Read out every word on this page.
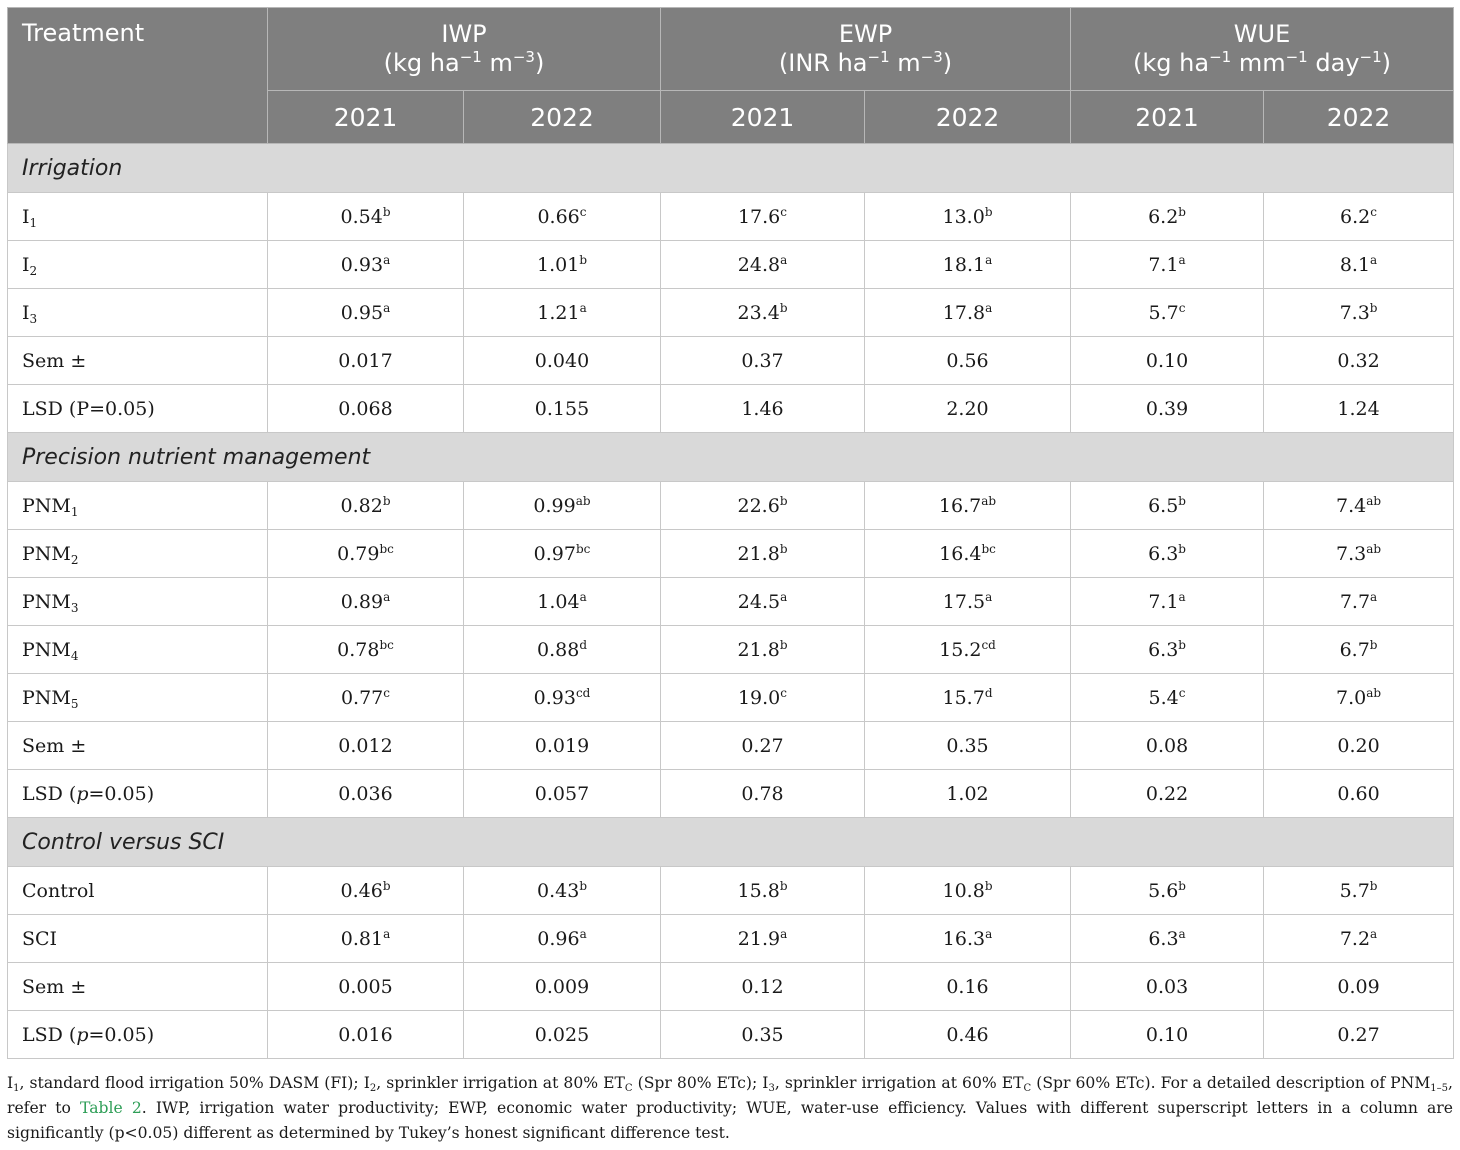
Treatment	IWP
(kg $ha^{-1}$ $m^{-3}$)		EWP
(INR $ha^{-1}$ $m^{-3}$)		WUE
(kg $ha^{-1}$ $mm^{-1}$ day$^{-1}$)	
	2021	2022	2021	2022	2021	2022
Irrigation						
$I_1$	0.54$^b$	0.66$^c$	17.6$^c$	13.0$^b$	6.2$^b$	6.2$^c$
$I_2$	0.93$^a$	1.01$^b$	24.8$^a$	18.1$^a$	7.1$^a$	8.1$^a$
$I_3$	0.95$^a$	1.21$^a$	23.4$^b$	17.8$^a$	5.7$^c$	7.3$^b$
Sem ±	0.017	0.040	0.37	0.56	0.10	0.32
LSD (P=0.05)	0.068	0.155	1.46	2.20	0.39	1.24
Precision nutrient management						
$PNM_1$	0.82$^b$	0.99$^{ab}$	22.6$^b$	16.7$^{ab}$	6.5$^b$	7.4$^{ab}$
$PNM_2$	0.79$^{bc}$	0.97$^{bc}$	21.8$^b$	16.4$^{bc}$	6.3$^b$	7.3$^{ab}$
$PNM_3$	0.89$^a$	1.04$^a$	24.5$^a$	17.5$^a$	7.1$^a$	7.7$^a$
$PNM_4$	0.78$^{bc}$	0.88$^d$	21.8$^b$	15.2$^{cd}$	6.3$^b$	6.7$^b$
$PNM_5$	0.77$^c$	0.93$^{cd}$	19.0$^c$	15.7$^d$	5.4$^c$	7.0$^{ab}$
Sem ±	0.012	0.019	0.27	0.35	0.08	0.20
LSD (p=0.05)	0.036	0.057	0.78	1.02	0.22	0.60
Control versus SCI						
Control	0.46$^b$	0.43$^b$	15.8$^b$	10.8$^b$	5.6$^b$	5.7$^b$
SCI	0.81$^a$	0.96$^a$	21.9$^a$	16.3$^a$	6.3$^a$	7.2$^a$
Sem ±	0.005	0.009	0.12	0.16	0.03	0.09
LSD (p=0.05)	0.016	0.025	0.35	0.46	0.10	0.27
$I_1$, standard flood irrigation 50% DASM (FI); $I_2$, sprinkler irrigation at 80% $ET_C$ (Spr 80% ETc); $I_3$, sprinkler irrigation at 60% $ET_C$ (Spr 60% ETc). For a detailed description of $PNM_{1-5}$, refer to Table 2. IWP, irrigation water productivity; EWP, economic water productivity; WUE, water-use efficiency. Values with different superscript letters in a column are significantly (p<0.05) different as determined by Tukey’s honest significant difference test.
